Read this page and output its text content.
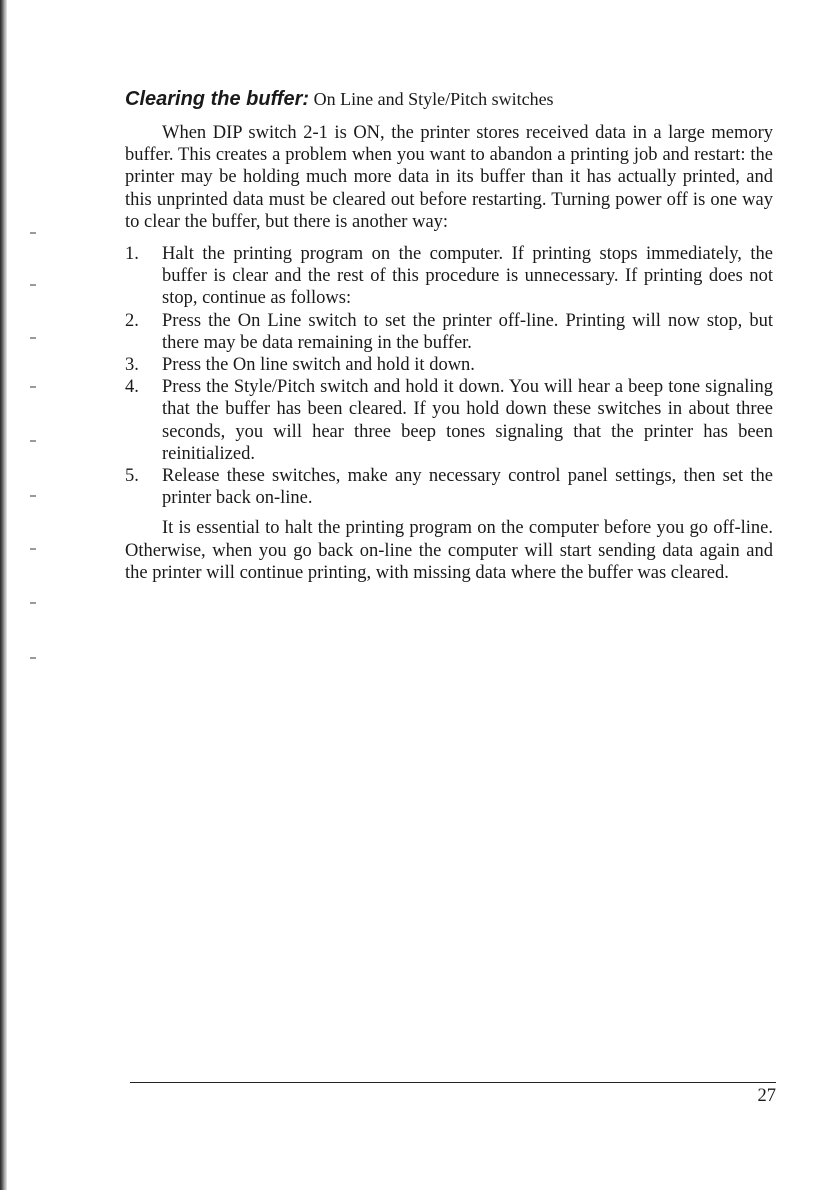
Clearing the buffer: On Line and Style/Pitch switches

When DIP switch 2-1 is ON, the printer stores received data in a large memory buffer. This creates a problem when you want to abandon a printing job and restart: the printer may be holding much more data in its buffer than it has actually printed, and this unprinted data must be cleared out before restarting. Turning power off is one way to clear the buffer, but there is another way:

1. Halt the printing program on the computer. If printing stops immediately, the buffer is clear and the rest of this procedure is unnecessary. If printing does not stop, continue as follows:
2. Press the On Line switch to set the printer off-line. Printing will now stop, but there may be data remaining in the buffer.
3. Press the On line switch and hold it down.
4. Press the Style/Pitch switch and hold it down. You will hear a beep tone signaling that the buffer has been cleared. If you hold down these switches in about three seconds, you will hear three beep tones signaling that the printer has been reinitialized.
5. Release these switches, make any necessary control panel settings, then set the printer back on-line.

It is essential to halt the printing program on the computer before you go off-line. Otherwise, when you go back on-line the computer will start sending data again and the printer will continue printing, with missing data where the buffer was cleared.

27
